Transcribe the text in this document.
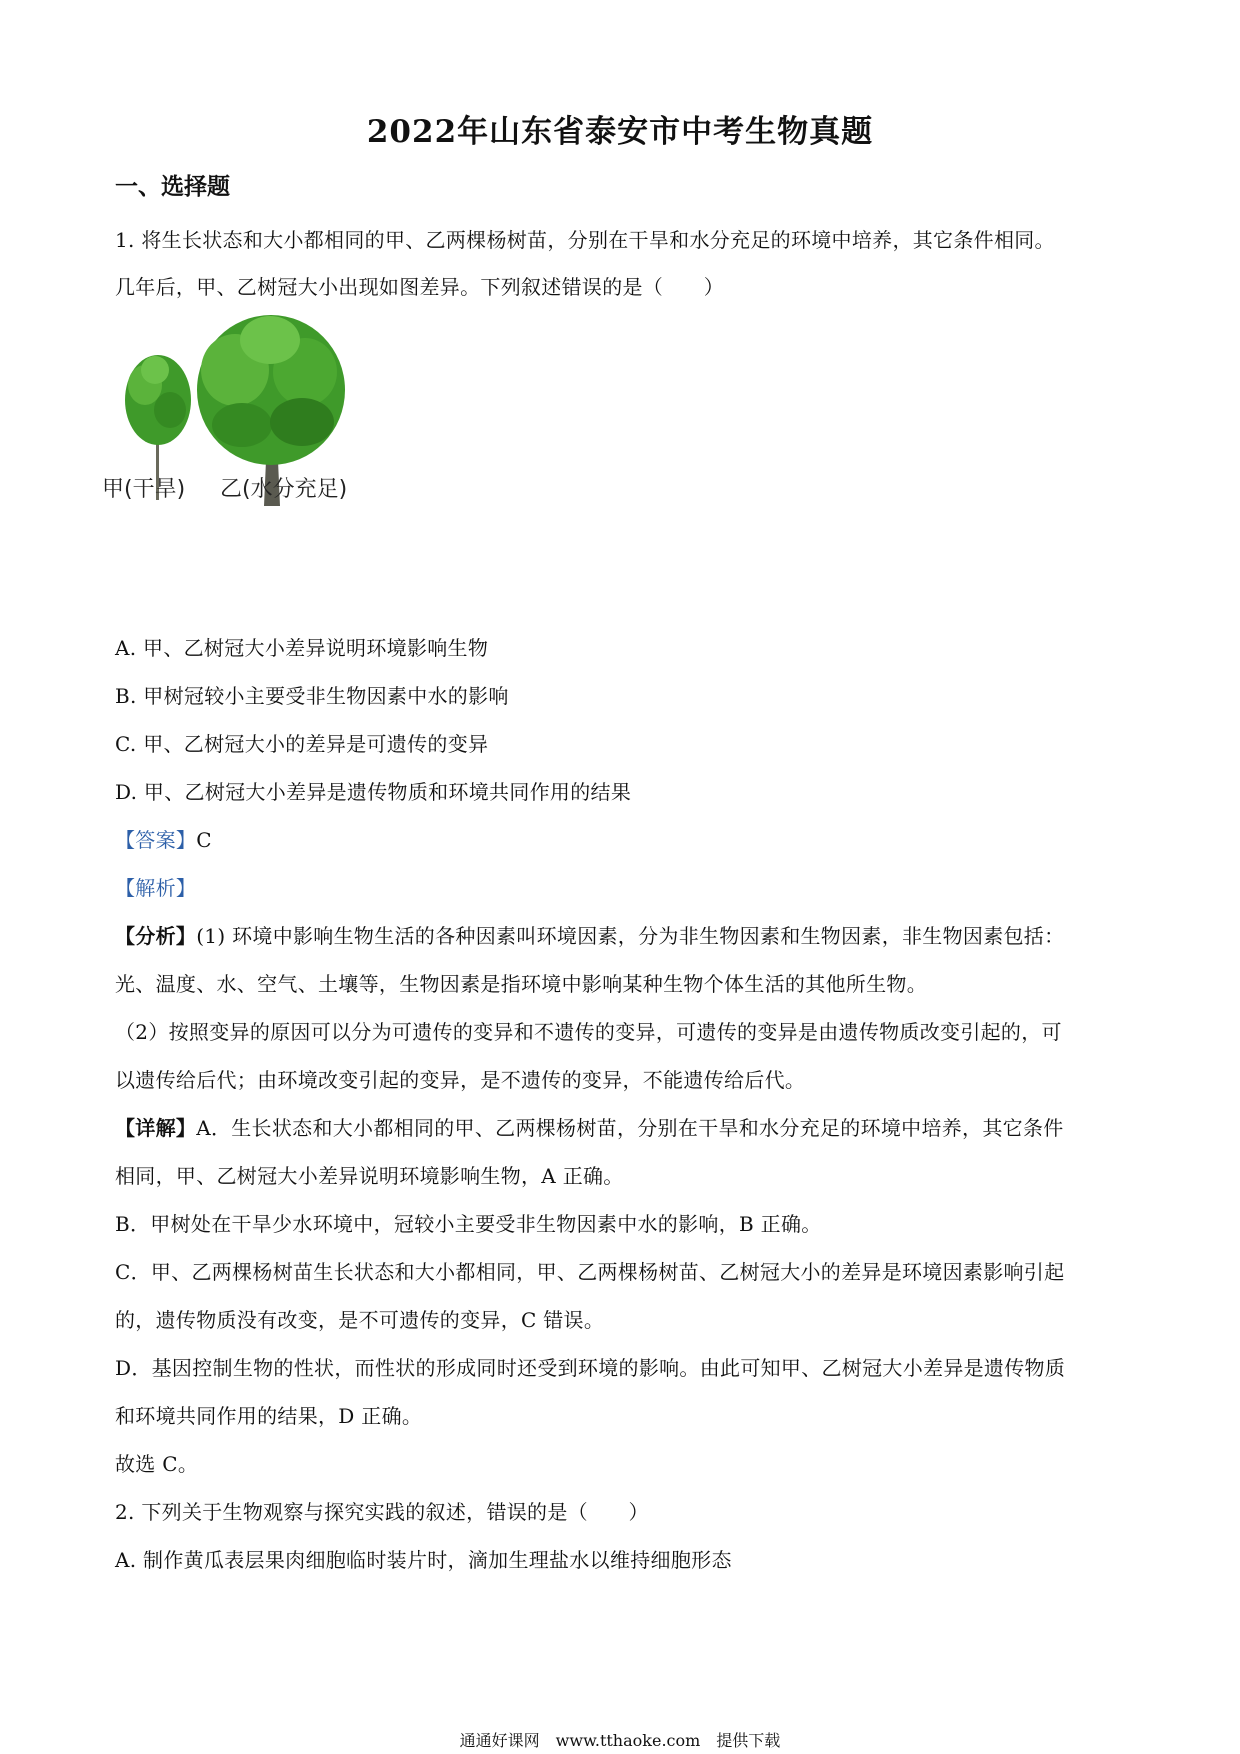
2022年山东省泰安市中考生物真题
一、选择题
1. 将生长状态和大小都相同的甲、乙两棵杨树苗，分别在干旱和水分充足的环境中培养，其它条件相同。
几年后，甲、乙树冠大小出现如图差异。下列叙述错误的是（　　）
甲(干旱) 乙(水分充足)
A. 甲、乙树冠大小差异说明环境影响生物
B. 甲树冠较小主要受非生物因素中水的影响
C. 甲、乙树冠大小的差异是可遗传的变异
D. 甲、乙树冠大小差异是遗传物质和环境共同作用的结果
【答案】C
【解析】
【分析】(1) 环境中影响生物生活的各种因素叫环境因素，分为非生物因素和生物因素，非生物因素包括：
光、温度、水、空气、土壤等，生物因素是指环境中影响某种生物个体生活的其他所生物。
（2）按照变异的原因可以分为可遗传的变异和不遗传的变异，可遗传的变异是由遗传物质改变引起的，可
以遗传给后代；由环境改变引起的变异，是不遗传的变异，不能遗传给后代。
【详解】A．生长状态和大小都相同的甲、乙两棵杨树苗，分别在干旱和水分充足的环境中培养，其它条件
相同，甲、乙树冠大小差异说明环境影响生物，A 正确。
B．甲树处在干旱少水环境中，冠较小主要受非生物因素中水的影响，B 正确。
C．甲、乙两棵杨树苗生长状态和大小都相同，甲、乙两棵杨树苗、乙树冠大小的差异是环境因素影响引起
的，遗传物质没有改变，是不可遗传的变异，C 错误。
D．基因控制生物的性状，而性状的形成同时还受到环境的影响。由此可知甲、乙树冠大小差异是遗传物质
和环境共同作用的结果，D 正确。
故选 C。
2. 下列关于生物观察与探究实践的叙述，错误的是（　　）
A. 制作黄瓜表层果肉细胞临时装片时，滴加生理盐水以维持细胞形态
通通好课网　www.tthaoke.com　提供下载
